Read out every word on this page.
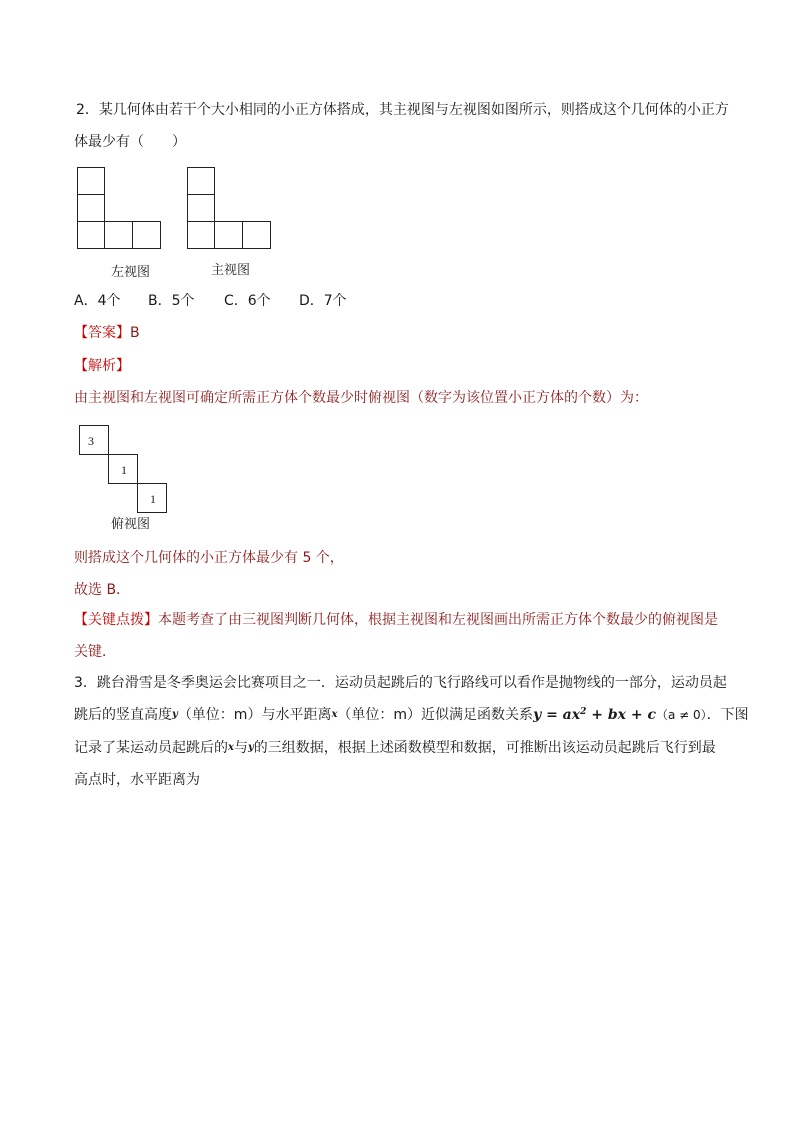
2．某几何体由若干个大小相同的小正方体搭成，其主视图与左视图如图所示，则搭成这个几何体的小正方
体最少有（　　）
左视图	主视图
A．4个 B．5个 C．6个 D．7个
【答案】B
【解析】
由主视图和左视图可确定所需正方体个数最少时俯视图（数字为该位置小正方体的个数）为：
3
1
1
俯视图
则搭成这个几何体的小正方体最少有 5 个，
故选 B．
【关键点拨】本题考查了由三视图判断几何体，根据主视图和左视图画出所需正方体个数最少的俯视图是
关键．
3．跳台滑雪是冬季奥运会比赛项目之一．运动员起跳后的飞行路线可以看作是抛物线的一部分，运动员起
跳后的竖直高度$^y$（单位：m）与水平距离$^x$（单位：m）近似满足函数关系$y = ax^2$ + bx + c（a ≠ 0）．下图
记录了某运动员起跳后的$^x$与$^y$的三组数据，根据上述函数模型和数据，可推断出该运动员起跳后飞行到最
高点时，水平距离为
